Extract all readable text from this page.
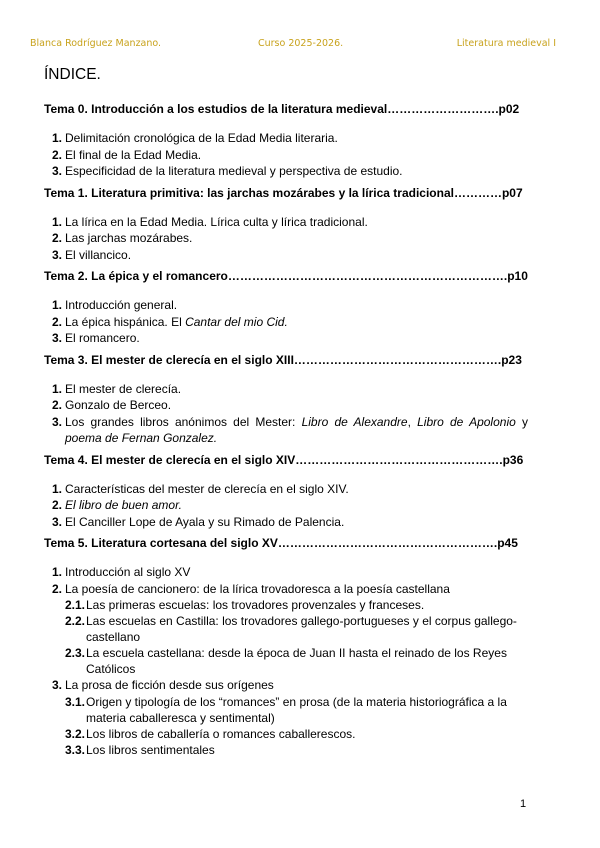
Blanca Rodríguez Manzano.	Curso 2025-2026.	Literatura medieval I
ÍNDICE.
Tema 0. Introducción a los estudios de la literatura medieval……………………….p02
1. Delimitación cronológica de la Edad Media literaria.
2. El final de la Edad Media.
3. Especificidad de la literatura medieval y perspectiva de estudio.
Tema 1. Literatura primitiva: las jarchas mozárabes y la lírica tradicional…………p07
1. La lírica en la Edad Media. Lírica culta y lírica tradicional.
2. Las jarchas mozárabes.
3. El villancico.
Tema 2. La épica y el romancero…………………………………………………………….p10
1. Introducción general.
2. La épica hispánica. El Cantar del mio Cid.
3. El romancero.
Tema 3. El mester de clerecía en el siglo XIII…………………………………………….p23
1. El mester de clerecía.
2. Gonzalo de Berceo.
3. Los grandes libros anónimos del Mester: Libro de Alexandre, Libro de Apolonio y poema de Fernan Gonzalez.
Tema 4. El mester de clerecía en el siglo XIV…………………………………………….p36
1. Características del mester de clerecía en el siglo XIV.
2. El libro de buen amor.
3. El Canciller Lope de Ayala y su Rimado de Palencia.
Tema 5. Literatura cortesana del siglo XV……………………………………………….p45
1. Introducción al siglo XV
2. La poesía de cancionero: de la lírica trovadoresca a la poesía castellana
2.1. Las primeras escuelas: los trovadores provenzales y franceses.
2.2. Las escuelas en Castilla: los trovadores gallego-portugueses y el corpus gallego-castellano
2.3. La escuela castellana: desde la época de Juan II hasta el reinado de los Reyes Católicos
3. La prosa de ficción desde sus orígenes
3.1. Origen y tipología de los “romances” en prosa (de la materia historiográfica a la materia caballeresca y sentimental)
3.2. Los libros de caballería o romances caballerescos.
3.3. Los libros sentimentales
1
